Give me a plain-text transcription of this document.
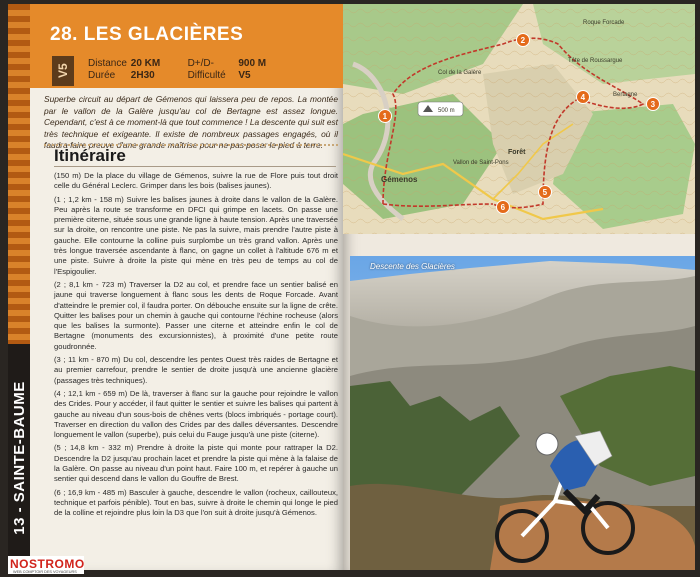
13 - SAINTE-BAUME
28. LES GLACIÈRES
V5
Distance 20 KM	D+/D- 900 M
Durée 2H30	Difficulté V5
Superbe circuit au départ de Gémenos qui laissera peu de repos. La montée par le vallon de la Galère jusqu'au col de Bertagne est assez longue. Cependant, c'est à ce moment-là que tout commence ! La descente qui suit est très technique et exigeante. Il existe de nombreux passages engagés, où il faudra faire preuve d'une grande maîtrise pour ne pas poser le pied à terre.
Itinéraire

(150 m) De la place du village de Gémenos, suivre la rue de Flore puis tout droit celle du Général Leclerc. Grimper dans les bois (balises jaunes).

(1 ; 1,2 km - 158 m) Suivre les balises jaunes à droite dans le vallon de la Galère. Peu après la route se transforme en DFCI qui grimpe en lacets. On passe une première citerne, située sous une grande ligne à haute tension. Après une traversée sur la droite, on rencontre une piste. Ne pas la suivre, mais prendre l'autre piste à gauche. Elle contourne la colline puis surplombe un très grand vallon. Après une très longue traversée ascendante à flanc, on gagne un collet à l'altitude 676 m et une piste. Suivre à droite la piste qui mène en très peu de temps au col de l'Espigoulier.

(2 ; 8,1 km - 723 m) Traverser la D2 au col, et prendre face un sentier balisé en jaune qui traverse longuement à flanc sous les dents de Roque Forcade. Avant d'atteindre le premier col, il faudra porter. On débouche ensuite sur la ligne de crête. Quitter les balises pour un chemin à gauche qui contourne l'échine rocheuse (alors que les balises la surmonte). Passer une citerne et atteindre enfin le col de Bertagne (monuments des excursionnistes), à proximité d'une petite route goudronnée.

(3 ; 11 km - 870 m) Du col, descendre les pentes Ouest très raides de Bertagne et au premier carrefour, prendre le sentier de droite jusqu'à une ancienne glacière (passages très techniques).

(4 ; 12,1 km - 659 m) De là, traverser à flanc sur la gauche pour rejoindre le vallon des Crides. Pour y accéder, il faut quitter le sentier et suivre les balises qui partent à gauche au niveau d'un sous-bois de chênes verts (blocs imbriqués - portage court). Traverser en direction du vallon des Crides par des dalles déversantes. Descendre longuement le vallon (superbe), puis celui du Fauge jusqu'à une piste (citerne).

(5 ; 14,8 km - 332 m) Prendre à droite la piste qui monte pour rattraper la D2. Descendre la D2 jusqu'au prochain lacet et prendre la piste qui mène à la falaise de la Galère. On passe au niveau d'un point haut. Faire 100 m, et repérer à gauche un sentier qui descend dans le vallon du Gouffre de Brest.

(6 ; 16,9 km - 485 m) Basculer à gauche, descendre le vallon (rocheux, caillouteux, technique et parfois pénible). Tout en bas, suivre à droite le chemin qui longe le pied de la colline et rejoindre plus loin la D3 que l'on suit à droite jusqu'à Gémenos.

NOSTROMO
WEB COMPTOIR DES VOYAGEURS
500 m
Gémenos
Tête de Roussargue
Forêt
Col de la Galère
Roque Forcade
Vallon de Saint-Pons
Bertagne
1
2
3
4
5
6
Descente des Glacières
